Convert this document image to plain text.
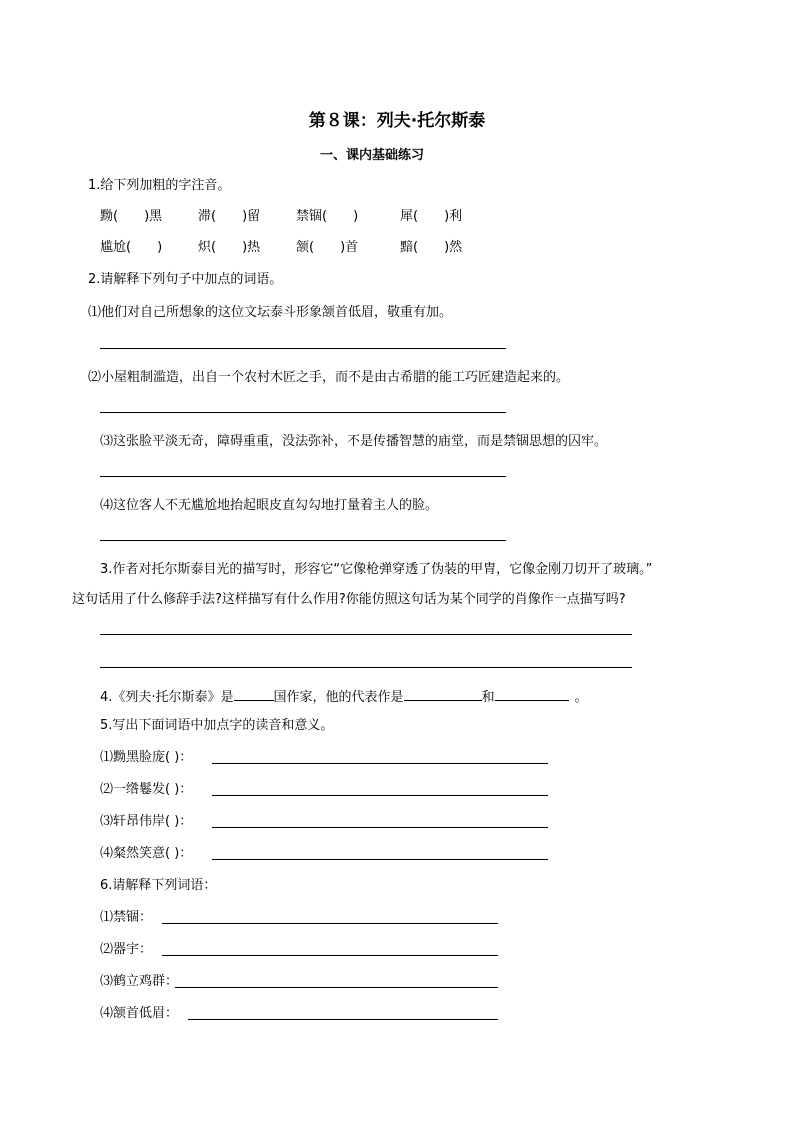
第８课：列夫·托尔斯泰
一、课内基础练习
1.给下列加粗的字注音。
黝(　　)黑	滞(　　)留	禁锢(　　)	犀(　　)利
尴尬(　　)	炽(　　)热	颔(　　)首	黯(　　)然
2.请解释下列句子中加点的词语。
⑴他们对自己所想象的这位文坛泰斗形象颔首低眉，敬重有加。
⑵小屋粗制滥造，出自一个农村木匠之手，而不是由古希腊的能工巧匠建造起来的。
⑶这张脸平淡无奇，障碍重重，没法弥补，不是传播智慧的庙堂，而是禁锢思想的囚牢。
⑷这位客人不无尴尬地抬起眼皮直勾勾地打量着主人的脸。
3.作者对托尔斯泰目光的描写时，形容它“它像枪弹穿透了伪装的甲胄，它像金刚刀切开了玻璃。”
这句话用了什么修辞手法?这样描写有什么作用?你能仿照这句话为某个同学的肖像作一点描写吗?
4.《列夫·托尔斯泰》是	国作家，他的代表作是	和	。
5.写出下面词语中加点字的读音和意义。
⑴黝黑脸庞( )：
⑵一绺鬈发( )：
⑶轩昂伟岸( )：
⑷粲然笑意( )：
6.请解释下列词语：
⑴禁锢：
⑵器宇：
⑶鹤立鸡群：
⑷颔首低眉：
